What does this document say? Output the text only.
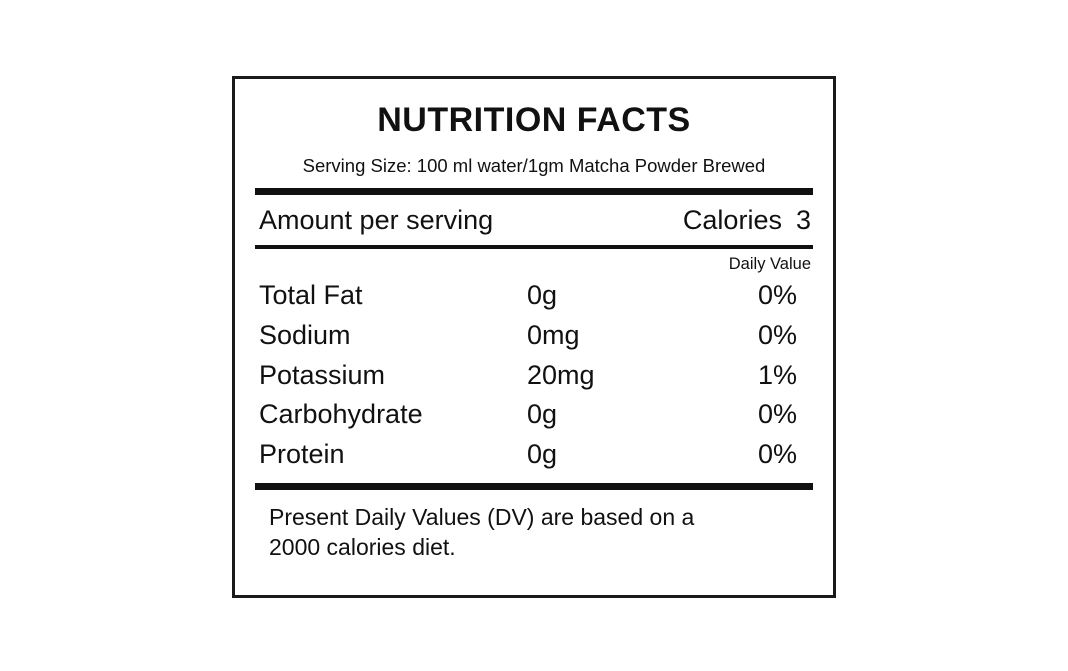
NUTRITION FACTS
Serving Size: 100 ml water/1gm Matcha Powder Brewed
Amount per serving	Calories 3
Daily Value
Total Fat	0g	0%
Sodium	0mg	0%
Potassium	20mg	1%
Carbohydrate	0g	0%
Protein	0g	0%
Present Daily Values (DV) are based on a
2000 calories diet.
